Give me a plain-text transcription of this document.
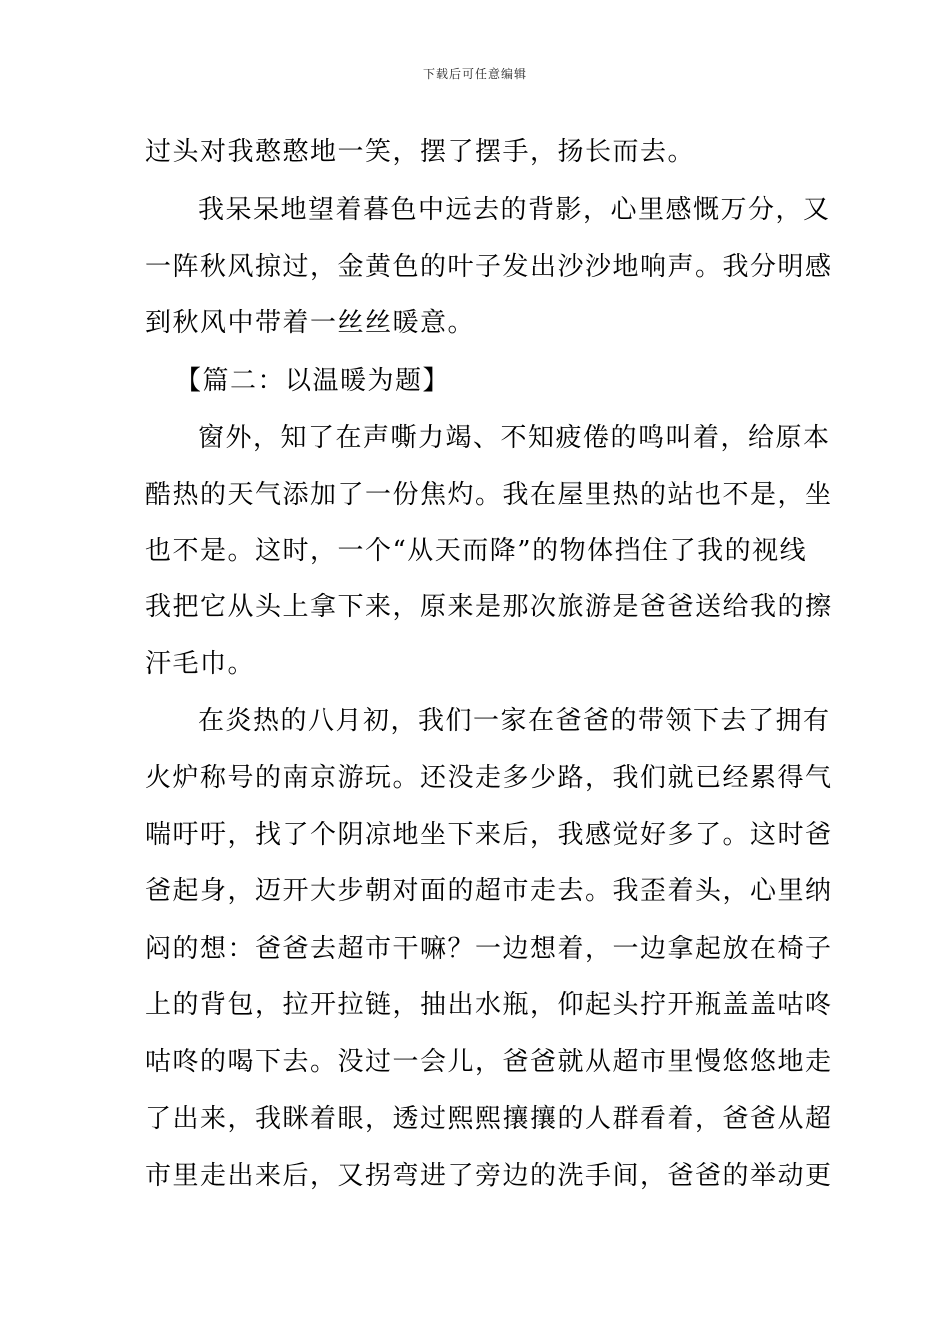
下载后可任意编辑
过头对我憨憨地一笑，摆了摆手，扬长而去。
我呆呆地望着暮色中远去的背影，心里感慨万分，又
一阵秋风掠过，金黄色的叶子发出沙沙地响声。我分明感
到秋风中带着一丝丝暖意。
【篇二：以温暖为题】
窗外，知了在声嘶力竭、不知疲倦的鸣叫着，给原本
酷热的天气添加了一份焦灼。我在屋里热的站也不是，坐
也不是。这时，一个“从天而降”的物体挡住了我的视线
我把它从头上拿下来，原来是那次旅游是爸爸送给我的擦
汗毛巾。
在炎热的八月初，我们一家在爸爸的带领下去了拥有
火炉称号的南京游玩。还没走多少路，我们就已经累得气
喘吁吁，找了个阴凉地坐下来后，我感觉好多了。这时爸
爸起身，迈开大步朝对面的超市走去。我歪着头，心里纳
闷的想：爸爸去超市干嘛？一边想着，一边拿起放在椅子
上的背包，拉开拉链，抽出水瓶，仰起头拧开瓶盖盖咕咚
咕咚的喝下去。没过一会儿，爸爸就从超市里慢悠悠地走
了出来，我眯着眼，透过熙熙攘攘的人群看着，爸爸从超
市里走出来后，又拐弯进了旁边的洗手间，爸爸的举动更
